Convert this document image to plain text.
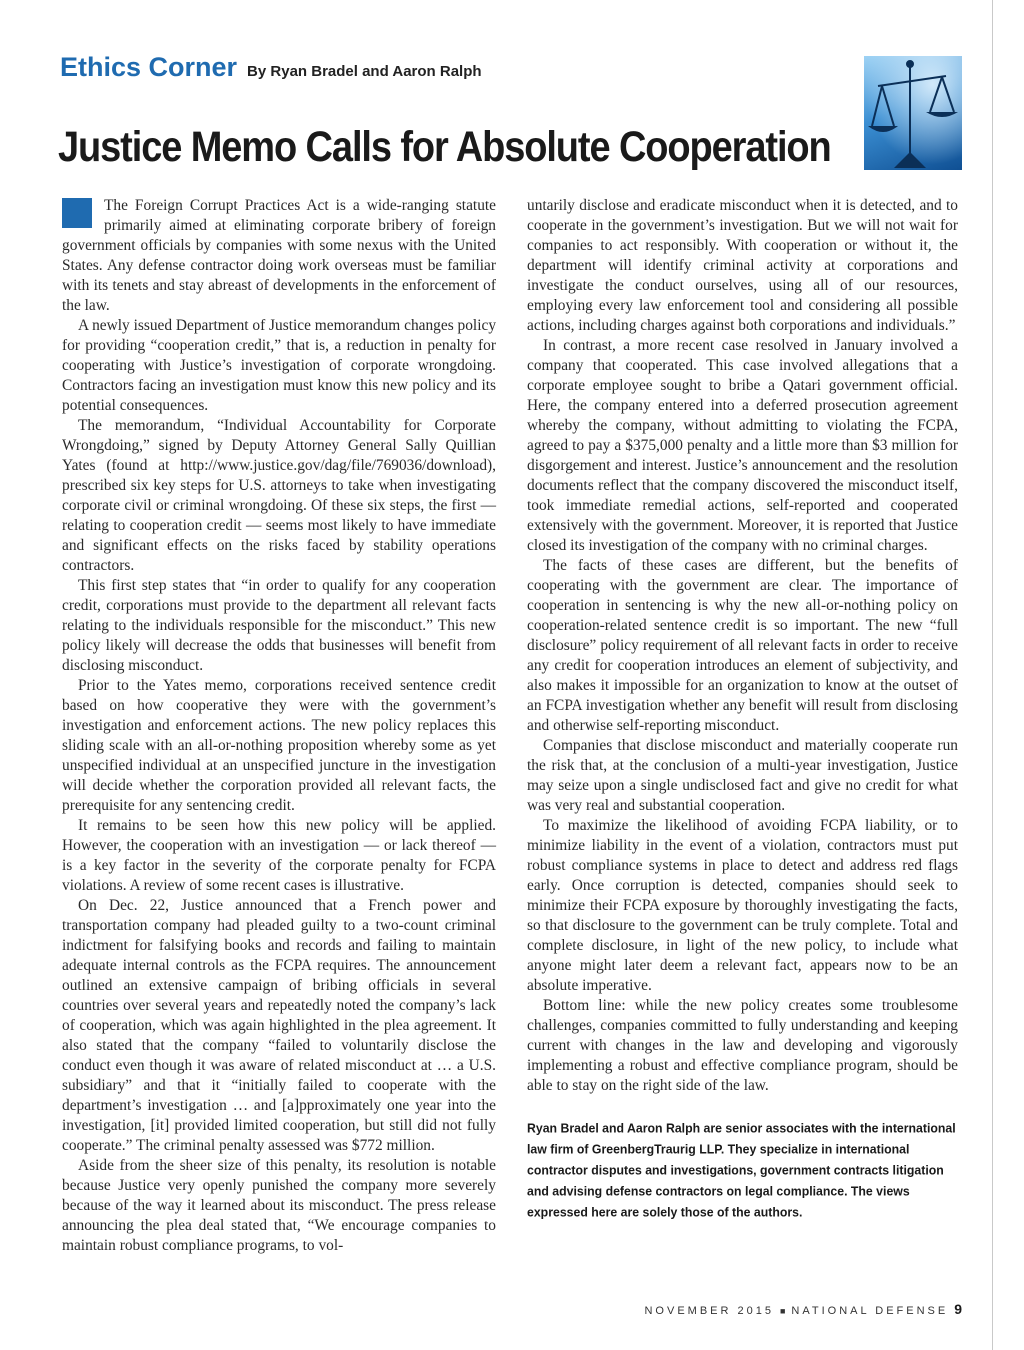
Ethics Corner By Ryan Bradel and Aaron Ralph
Justice Memo Calls for Absolute Cooperation

The Foreign Corrupt Practices Act is a wide-ranging statute primarily aimed at eliminating corporate bribery of foreign government officials by companies with some nexus with the United States. Any defense contractor doing work overseas must be familiar with its tenets and stay abreast of developments in the enforcement of the law.

A newly issued Department of Justice memorandum changes policy for providing “cooperation credit,” that is, a reduction in penalty for cooperating with Justice’s investigation of corporate wrongdoing. Contractors facing an investigation must know this new policy and its potential consequences.

The memorandum, “Individual Accountability for Corporate Wrongdoing,” signed by Deputy Attorney General Sally Quillian Yates (found at http://www.justice.gov/dag/file/769036/download), prescribed six key steps for U.S. attorneys to take when investigating corporate civil or criminal wrongdoing. Of these six steps, the first — relating to cooperation credit — seems most likely to have immediate and significant effects on the risks faced by stability operations contractors.

This first step states that “in order to qualify for any cooperation credit, corporations must provide to the department all relevant facts relating to the individuals responsible for the misconduct.” This new policy likely will decrease the odds that businesses will benefit from disclosing misconduct.

Prior to the Yates memo, corporations received sentence credit based on how cooperative they were with the government’s investigation and enforcement actions. The new policy replaces this sliding scale with an all-or-nothing proposition whereby some as yet unspecified individual at an unspecified juncture in the investigation will decide whether the corporation provided all relevant facts, the prerequisite for any sentencing credit.

It remains to be seen how this new policy will be applied. However, the cooperation with an investigation — or lack thereof — is a key factor in the severity of the corporate penalty for FCPA violations. A review of some recent cases is illustrative.

On Dec. 22, Justice announced that a French power and transportation company had pleaded guilty to a two-count criminal indictment for falsifying books and records and failing to maintain adequate internal controls as the FCPA requires. The announcement outlined an extensive campaign of bribing officials in several countries over several years and repeatedly noted the company’s lack of cooperation, which was again highlighted in the plea agreement. It also stated that the company “failed to voluntarily disclose the conduct even though it was aware of related misconduct at … a U.S. subsidiary” and that it “initially failed to cooperate with the department’s investigation … and [a]pproximately one year into the investigation, [it] provided limited cooperation, but still did not fully cooperate.” The criminal penalty assessed was $772 million.

Aside from the sheer size of this penalty, its resolution is notable because Justice very openly punished the company more severely because of the way it learned about its misconduct. The press release announcing the plea deal stated that, “We encourage companies to maintain robust compliance programs, to vol-

untarily disclose and eradicate misconduct when it is detected, and to cooperate in the government’s investigation. But we will not wait for companies to act responsibly. With cooperation or without it, the department will identify criminal activity at corporations and investigate the conduct ourselves, using all of our resources, employing every law enforcement tool and considering all possible actions, including charges against both corporations and individuals.”

In contrast, a more recent case resolved in January involved a company that cooperated. This case involved allegations that a corporate employee sought to bribe a Qatari government official. Here, the company entered into a deferred prosecution agreement whereby the company, without admitting to violating the FCPA, agreed to pay a $375,000 penalty and a little more than $3 million for disgorgement and interest. Justice’s announcement and the resolution documents reflect that the company discovered the misconduct itself, took immediate remedial actions, self-reported and cooperated extensively with the government. Moreover, it is reported that Justice closed its investigation of the company with no criminal charges.

The facts of these cases are different, but the benefits of cooperating with the government are clear. The importance of cooperation in sentencing is why the new all-or-nothing policy on cooperation-related sentence credit is so important. The new “full disclosure” policy requirement of all relevant facts in order to receive any credit for cooperation introduces an element of subjectivity, and also makes it impossible for an organization to know at the outset of an FCPA investigation whether any benefit will result from disclosing and otherwise self-reporting misconduct.

Companies that disclose misconduct and materially cooperate run the risk that, at the conclusion of a multi-year investigation, Justice may seize upon a single undisclosed fact and give no credit for what was very real and substantial cooperation.

To maximize the likelihood of avoiding FCPA liability, or to minimize liability in the event of a violation, contractors must put robust compliance systems in place to detect and address red flags early. Once corruption is detected, companies should seek to minimize their FCPA exposure by thoroughly investigating the facts, so that disclosure to the government can be truly complete. Total and complete disclosure, in light of the new policy, to include what anyone might later deem a relevant fact, appears now to be an absolute imperative.

Bottom line: while the new policy creates some troublesome challenges, companies committed to fully understanding and keeping current with changes in the law and developing and vigorously implementing a robust and effective compliance program, should be able to stay on the right side of the law.

Ryan Bradel and Aaron Ralph are senior associates with the international law firm of GreenbergTraurig LLP. They specialize in international contractor disputes and investigations, government contracts litigation and advising defense contractors on legal compliance. The views expressed here are solely those of the authors.
NOVEMBER 2015 ■ NATIONAL DEFENSE 9
